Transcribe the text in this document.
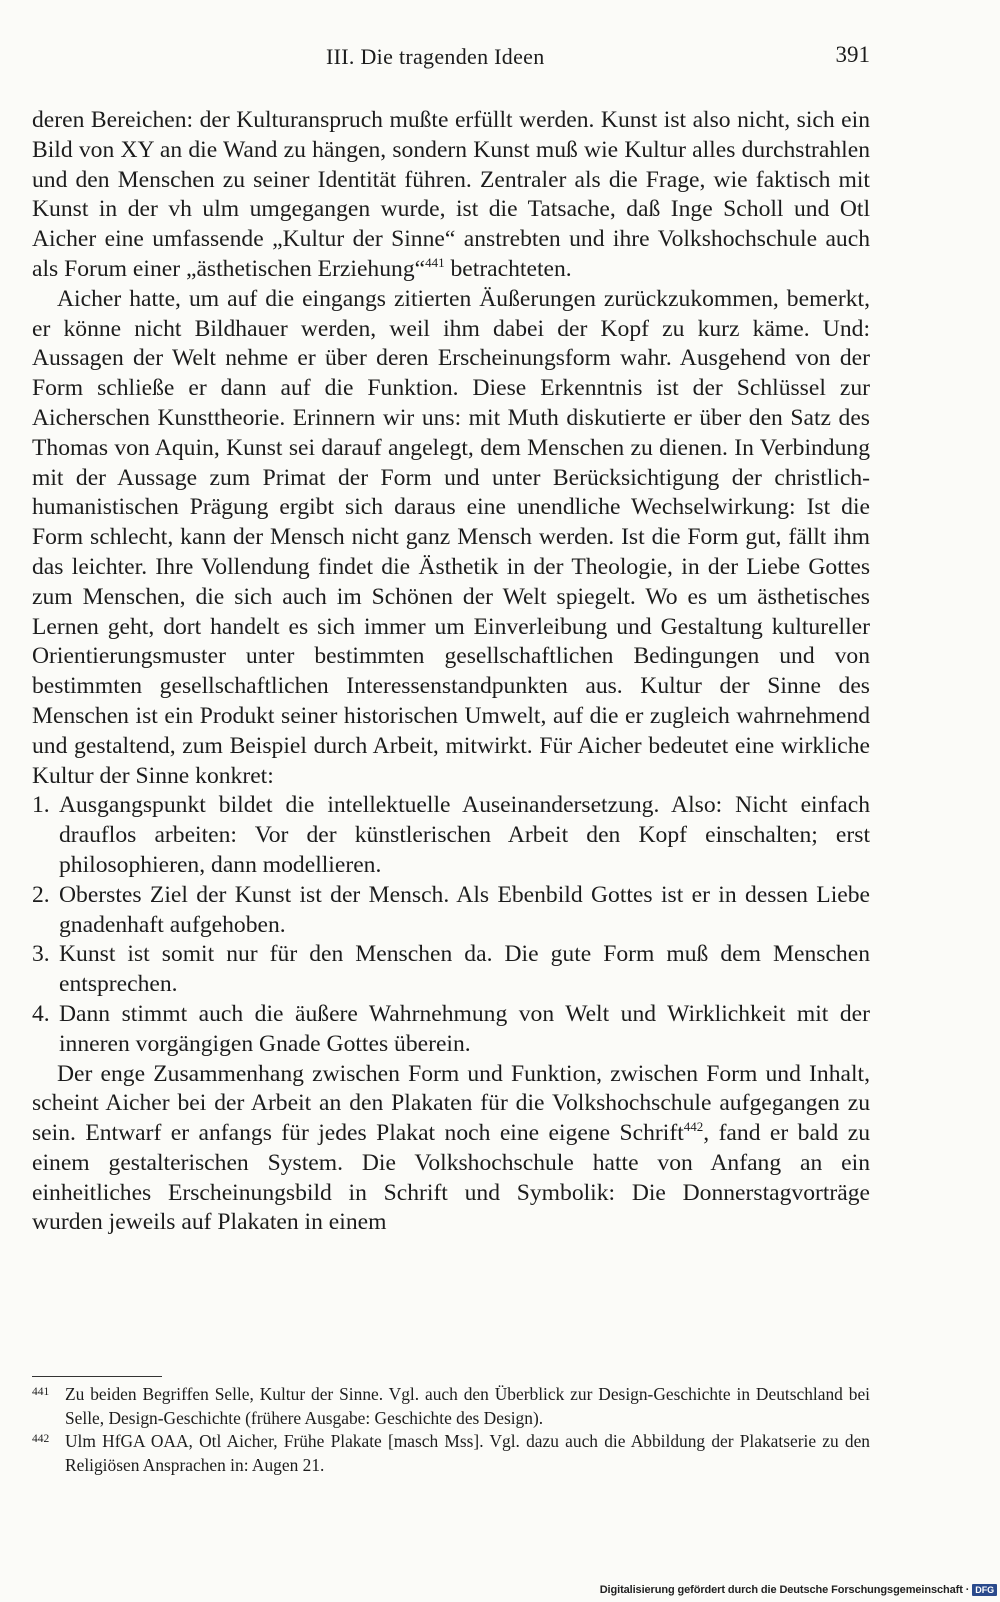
III. Die tragenden Ideen	391

deren Bereichen: der Kulturanspruch mußte erfüllt werden. Kunst ist also nicht, sich ein Bild von XY an die Wand zu hängen, sondern Kunst muß wie Kultur alles durchstrahlen und den Menschen zu seiner Identität führen. Zentraler als die Frage, wie faktisch mit Kunst in der vh ulm umgegangen wurde, ist die Tatsache, daß Inge Scholl und Otl Aicher eine umfassende „Kultur der Sinne“ anstrebten und ihre Volkshochschule auch als Forum einer „ästhetischen Erziehung“$^{441}$ betrachteten.

Aicher hatte, um auf die eingangs zitierten Äußerungen zurückzukommen, bemerkt, er könne nicht Bildhauer werden, weil ihm dabei der Kopf zu kurz käme. Und: Aussagen der Welt nehme er über deren Erscheinungsform wahr. Ausgehend von der Form schließe er dann auf die Funktion. Diese Erkenntnis ist der Schlüssel zur Aicherschen Kunsttheorie. Erinnern wir uns: mit Muth diskutierte er über den Satz des Thomas von Aquin, Kunst sei darauf angelegt, dem Menschen zu dienen. In Verbindung mit der Aussage zum Primat der Form und unter Berücksichtigung der christlich-humanistischen Prägung ergibt sich daraus eine unendliche Wechselwirkung: Ist die Form schlecht, kann der Mensch nicht ganz Mensch werden. Ist die Form gut, fällt ihm das leichter. Ihre Vollendung findet die Ästhetik in der Theologie, in der Liebe Gottes zum Menschen, die sich auch im Schönen der Welt spiegelt. Wo es um ästhetisches Lernen geht, dort handelt es sich immer um Einverleibung und Gestaltung kultureller Orientierungsmuster unter bestimmten gesellschaftlichen Bedingungen und von bestimmten gesellschaftlichen Interessenstandpunkten aus. Kultur der Sinne des Menschen ist ein Produkt seiner historischen Umwelt, auf die er zugleich wahrnehmend und gestaltend, zum Beispiel durch Arbeit, mitwirkt. Für Aicher bedeutet eine wirkliche Kultur der Sinne konkret:

1. Ausgangspunkt bildet die intellektuelle Auseinandersetzung. Also: Nicht einfach drauflos arbeiten: Vor der künstlerischen Arbeit den Kopf einschalten; erst philosophieren, dann modellieren.
2. Oberstes Ziel der Kunst ist der Mensch. Als Ebenbild Gottes ist er in dessen Liebe gnadenhaft aufgehoben.
3. Kunst ist somit nur für den Menschen da. Die gute Form muß dem Menschen entsprechen.
4. Dann stimmt auch die äußere Wahrnehmung von Welt und Wirklichkeit mit der inneren vorgängigen Gnade Gottes überein.

Der enge Zusammenhang zwischen Form und Funktion, zwischen Form und Inhalt, scheint Aicher bei der Arbeit an den Plakaten für die Volkshochschule aufgegangen zu sein. Entwarf er anfangs für jedes Plakat noch eine eigene Schrift$^{442}$, fand er bald zu einem gestalterischen System. Die Volkshochschule hatte von Anfang an ein einheitliches Erscheinungsbild in Schrift und Symbolik: Die Donnerstagvorträge wurden jeweils auf Plakaten in einem

441 Zu beiden Begriffen Selle, Kultur der Sinne. Vgl. auch den Überblick zur Design-Geschichte in Deutschland bei Selle, Design-Geschichte (frühere Ausgabe: Geschichte des Design).
442 Ulm HfGA OAA, Otl Aicher, Frühe Plakate [masch Mss]. Vgl. dazu auch die Abbildung der Plakatserie zu den Religiösen Ansprachen in: Augen 21.
Digitalisierung gefördert durch die Deutsche Forschungsgemeinschaft · DFG
